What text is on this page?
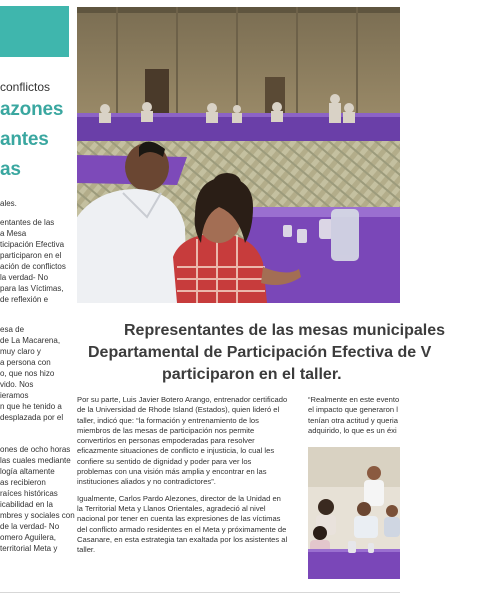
conflictos
azones
antes
as
ales.
entantes de las
a Mesa
ticipación Efectiva
participaron en el
ación de conflictos
la verdad- No
para las Víctimas,
de reflexión e
esa de
de La Macarena,
muy claro y
a persona con
o, que nos hizo
vido. Nos
ieramos
n que he tenido a
desplazada por el
ones de ocho horas
las cuales mediante
logía altamente
as recibieron
raíces históricas
icabilidad en la
mbres y sociales con
de la verdad- No
omero Aguilera,
territorial Meta y
Representantes de las mesas municipales
Departamental de Participación Efectiva de V
participaron en el taller.

Por su parte, Luis Javier Botero Arango, entrenador certificado
de la Universidad de Rhode Island (Estados), quien lideró el
taller, indicó que: “la formación y entrenamiento de los
miembros de las mesas de participación nos permite
convertirlos en personas empoderadas para resolver
eficazmente situaciones de conflicto e injusticia, lo cual les
confiere su sentido de dignidad y poder para ver los
problemas con una visión más amplia y encontrar en las
instituciones aliados y no contradictores”.

Igualmente, Carlos Pardo Alezones, director de la Unidad en
la Territorial Meta y Llanos Orientales, agradeció al nivel
nacional por tener en cuenta las expresiones de las víctimas
del conflicto armado residentes en el Meta y próximamente de
Casanare, en esta estrategia tan exaltada por los asistentes al
taller.

“Realmente en este evento
el impacto que generaron l
tenían otra actitud y queria
adquirido, lo que es un éxi
